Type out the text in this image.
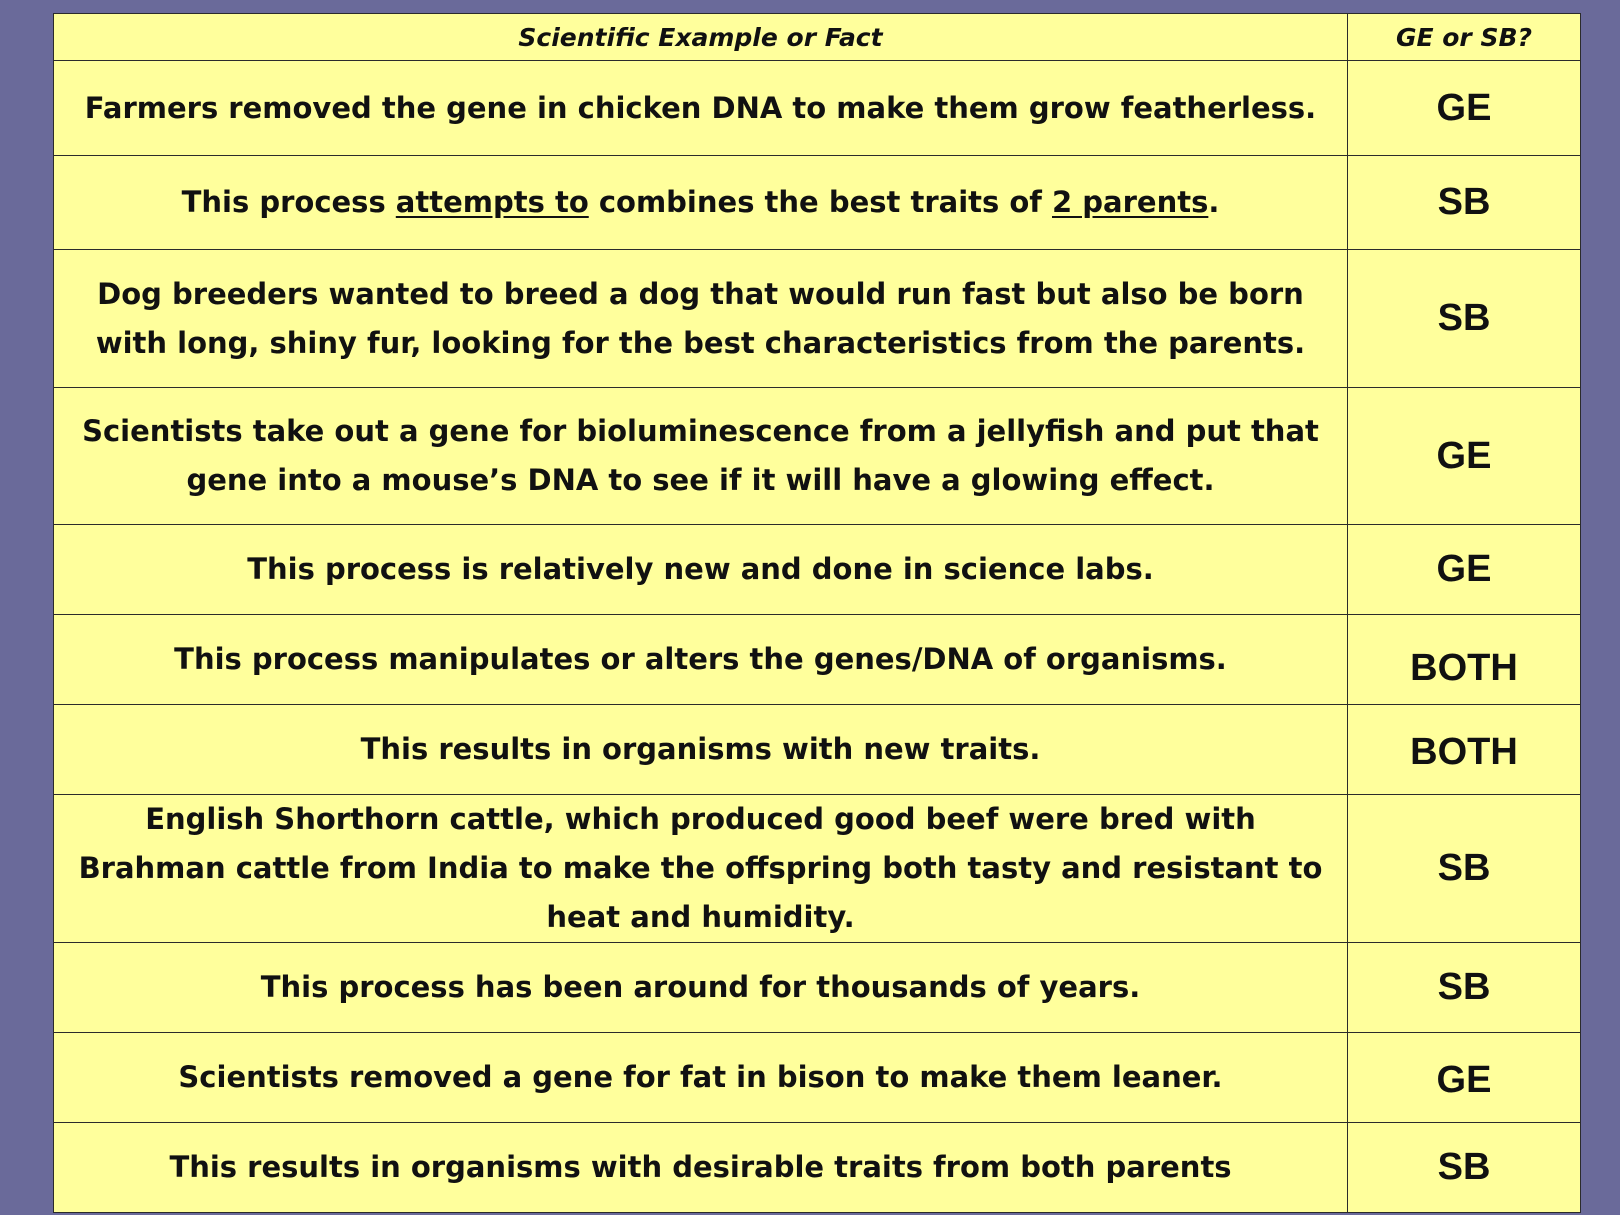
Scientific Example or Fact	GE or SB?
Farmers removed the gene in chicken DNA to make them grow featherless.	GE
This process attempts to combines the best traits of 2 parents.	SB
Dog breeders wanted to breed a dog that would run fast but also be born with long, shiny fur, looking for the best characteristics from the parents.	SB
Scientists take out a gene for bioluminescence from a jellyfish and put that gene into a mouse’s DNA to see if it will have a glowing effect.	GE
This process is relatively new and done in science labs.	GE
This process manipulates or alters the genes/DNA of organisms.	BOTH
This results in organisms with new traits.	BOTH
English Shorthorn cattle, which produced good beef were bred with Brahman cattle from India to make the offspring both tasty and resistant to heat and humidity.	SB
This process has been around for thousands of years.	SB
Scientists removed a gene for fat in bison to make them leaner.	GE
This results in organisms with desirable traits from both parents	SB
